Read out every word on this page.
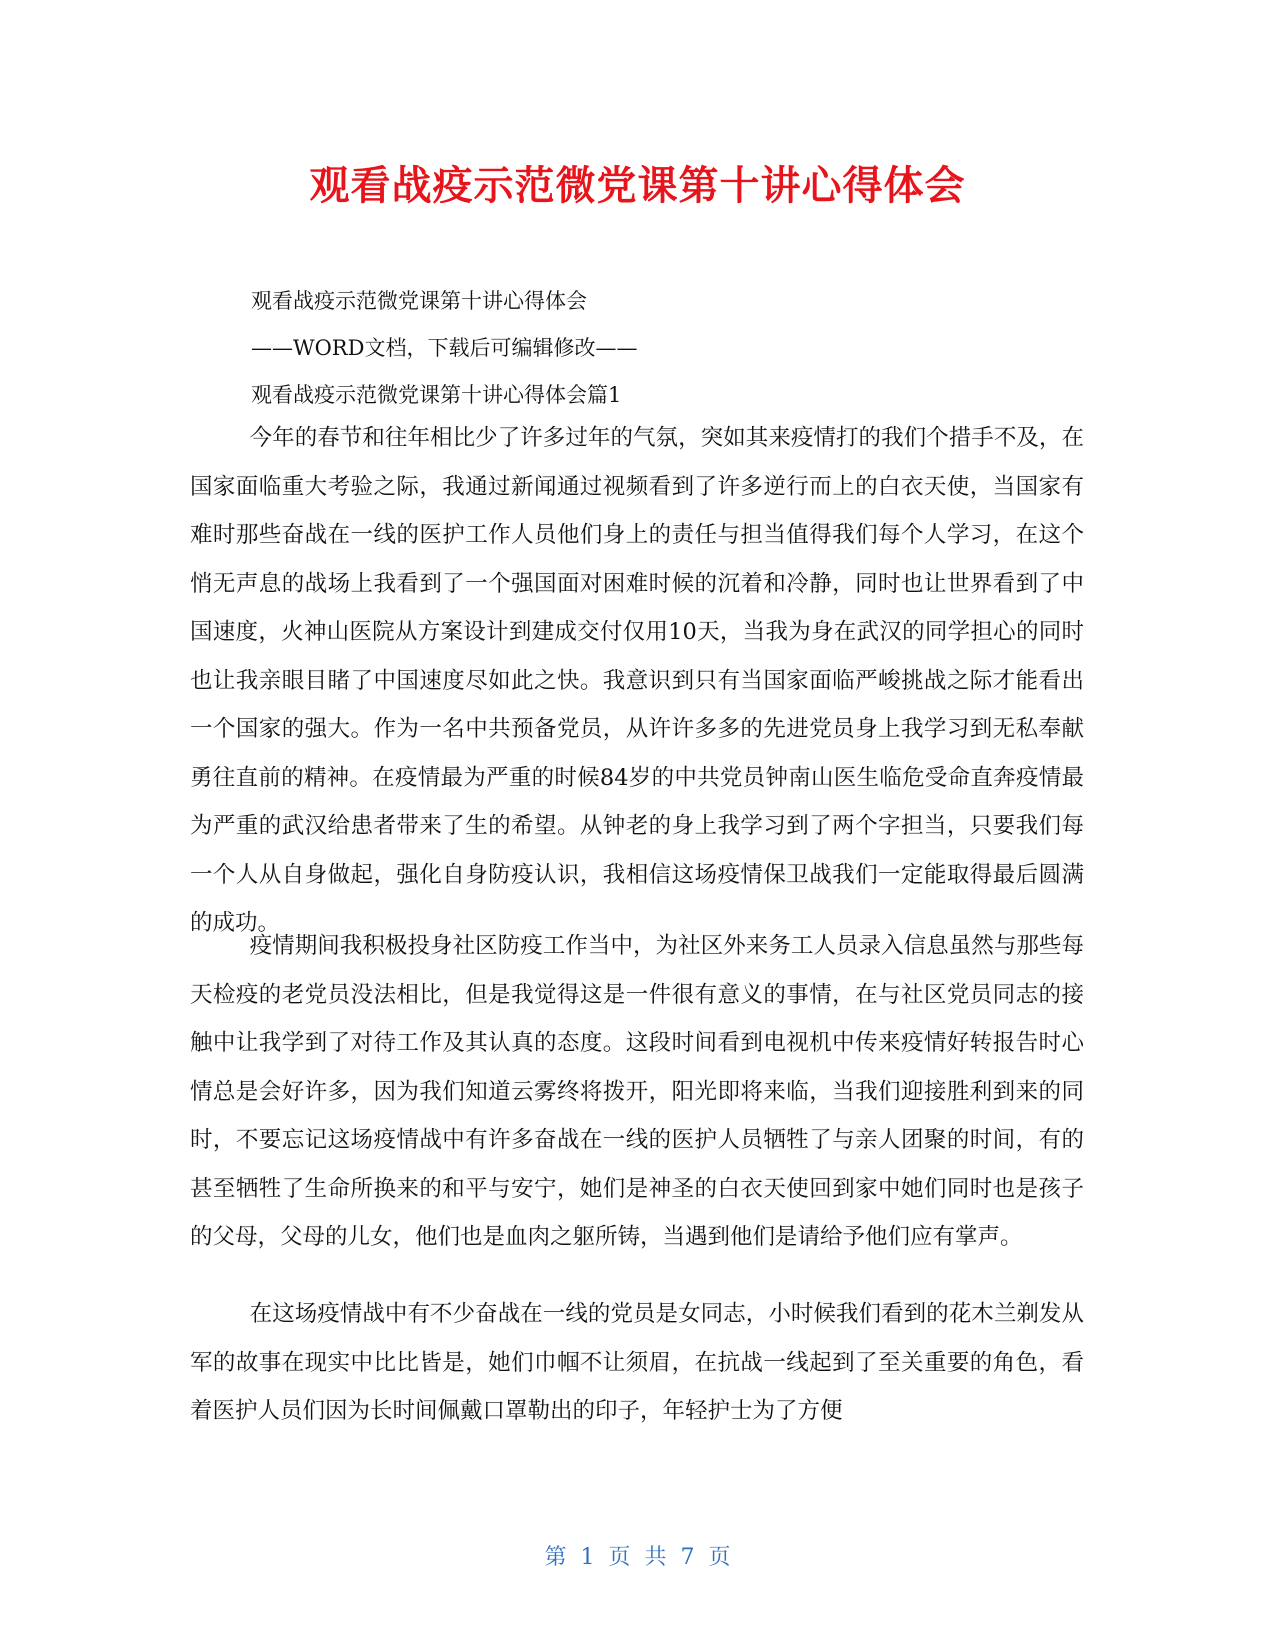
观看战疫示范微党课第十讲心得体会
观看战疫示范微党课第十讲心得体会
——WORD文档，下载后可编辑修改——
观看战疫示范微党课第十讲心得体会篇1

今年的春节和往年相比少了许多过年的气氛，突如其来疫情打的我们个措手不及，在国家面临重大考验之际，我通过新闻通过视频看到了许多逆行而上的白衣天使，当国家有难时那些奋战在一线的医护工作人员他们身上的责任与担当值得我们每个人学习，在这个悄无声息的战场上我看到了一个强国面对困难时候的沉着和冷静，同时也让世界看到了中国速度，火神山医院从方案设计到建成交付仅用10天，当我为身在武汉的同学担心的同时也让我亲眼目睹了中国速度尽如此之快。我意识到只有当国家面临严峻挑战之际才能看出一个国家的强大。作为一名中共预备党员，从许许多多的先进党员身上我学习到无私奉献勇往直前的精神。在疫情最为严重的时候84岁的中共党员钟南山医生临危受命直奔疫情最为严重的武汉给患者带来了生的希望。从钟老的身上我学习到了两个字担当，只要我们每一个人从自身做起，强化自身防疫认识，我相信这场疫情保卫战我们一定能取得最后圆满的成功。

疫情期间我积极投身社区防疫工作当中，为社区外来务工人员录入信息虽然与那些每天检疫的老党员没法相比，但是我觉得这是一件很有意义的事情，在与社区党员同志的接触中让我学到了对待工作及其认真的态度。这段时间看到电视机中传来疫情好转报告时心情总是会好许多，因为我们知道云雾终将拨开，阳光即将来临，当我们迎接胜利到来的同时，不要忘记这场疫情战中有许多奋战在一线的医护人员牺牲了与亲人团聚的时间，有的甚至牺牲了生命所换来的和平与安宁，她们是神圣的白衣天使回到家中她们同时也是孩子的父母，父母的儿女，他们也是血肉之躯所铸，当遇到他们是请给予他们应有掌声。

在这场疫情战中有不少奋战在一线的党员是女同志，小时候我们看到的花木兰剃发从军的故事在现实中比比皆是，她们巾帼不让须眉，在抗战一线起到了至关重要的角色，看着医护人员们因为长时间佩戴口罩勒出的印子，年轻护士为了方便

第  1  页  共  7  页
